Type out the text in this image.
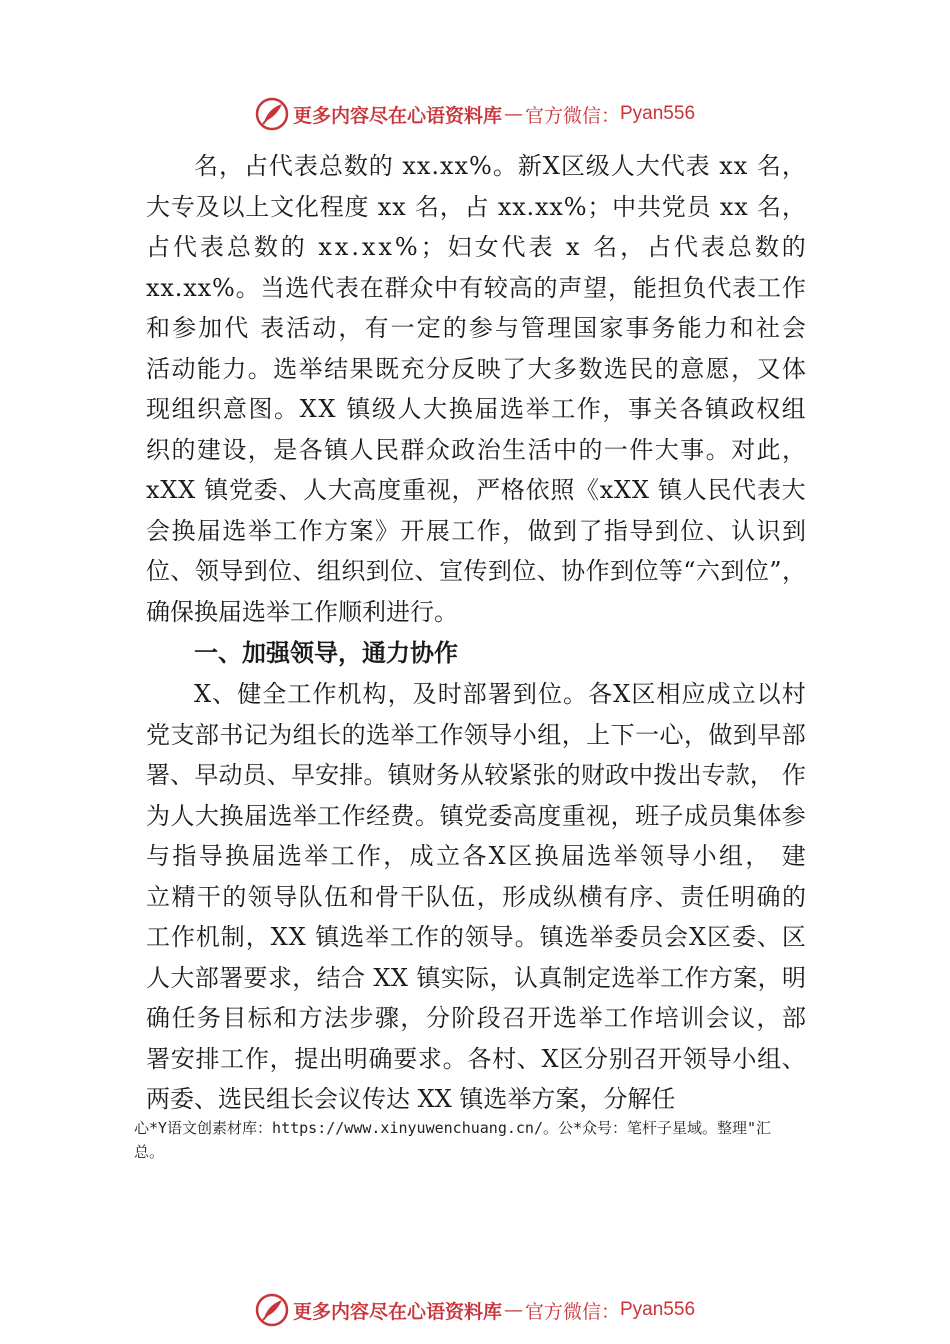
更多内容尽在心语资料库 — 官方微信： Pyan556
名 ， 占 代 表 总 数 的
x x . x x % 。 新 X 区 级 人 大 代 表
x x
名 ，
大 专 及 以 上 文 化 程 度
x x
名 ， 占
x x . x x % ； 中 共 党 员
x x
名 ，
占 代 表 总 数 的
x x . x x % ； 妇 女 代 表
x
名 ， 占 代 表 总 数 的
x x . x x % 。 当 选 代 表 在 群 众 中 有 较 高 的 声 望 ， 能 担 负 代 表 工 作
和 参 加 代
表 活 动 ， 有 一 定 的 参 与 管 理 国 家 事 务 能 力 和 社 会
活 动 能 力 。 选 举 结 果 既 充 分 反 映 了 大 多 数 选 民 的 意 愿 ， 又 体
现 组 织 意 图 。 X X
镇 级 人 大 换 届 选 举 工 作 ， 事 关 各 镇 政 权 组
织 的 建 设 ， 是 各 镇 人 民 群 众 政 治 生 活 中 的 一 件 大 事 。 对 此 ，
x X X
镇 党 委 、 人 大 高 度 重 视 ， 严 格 依 照 《 x X X
镇 人 民 代 表 大
会 换 届 选 举 工 作 方 案 》 开 展 工 作 ， 做 到 了 指 导 到 位 、 认 识 到
位 、 领 导 到 位 、 组 织 到 位 、 宣 传 到 位 、 协 作 到 位 等 “ 六 到 位 ” ，
确保换届选举工作顺利进行。
一、加强领导，通力协作
X 、 健 全 工 作 机 构 ， 及 时 部 署 到 位 。 各 X 区 相 应 成 立 以 村
党 支 部 书 记 为 组 长 的 选 举 工 作 领 导 小 组 ， 上 下 一 心 ， 做 到 早 部
署 、 早 动 员 、 早 安 排 。 镇 财 务 从 较 紧 张 的 财 政 中 拨 出 专 款 ，
作
为 人 大 换 届 选 举 工 作 经 费 。 镇 党 委 高 度 重 视 ， 班 子 成 员 集 体 参
与 指 导 换 届 选 举 工 作 ， 成 立 各 X 区 换 届 选 举 领 导 小 组 ，
建
立 精 干 的 领 导 队 伍 和 骨 干 队 伍 ， 形 成 纵 横 有 序 、 责 任 明 确 的
工 作 机 制 ， X X
镇 选 举 工 作 的 领 导 。 镇 选 举 委 员 会 X 区 委 、 区
人 大 部 署 要 求 ， 结 合
X X
镇 实 际 ， 认 真 制 定 选 举 工 作 方 案 ， 明
确 任 务 目 标 和 方 法 步 骤 ， 分 阶 段 召 开 选 举 工 作 培 训 会 议 ， 部
署 安 排 工 作 ， 提 出 明 确 要 求 。 各 村 、 X 区 分 别 召 开 领 导 小 组 、
两委、选民组长会议传达 XX 镇选举方案，分解任
心*Y语文创素材库：https://www.xinyuwenchuang.cn/。公*众号：笔杆子星域。整理"汇
总。
更多内容尽在心语资料库 — 官方微信： Pyan556
